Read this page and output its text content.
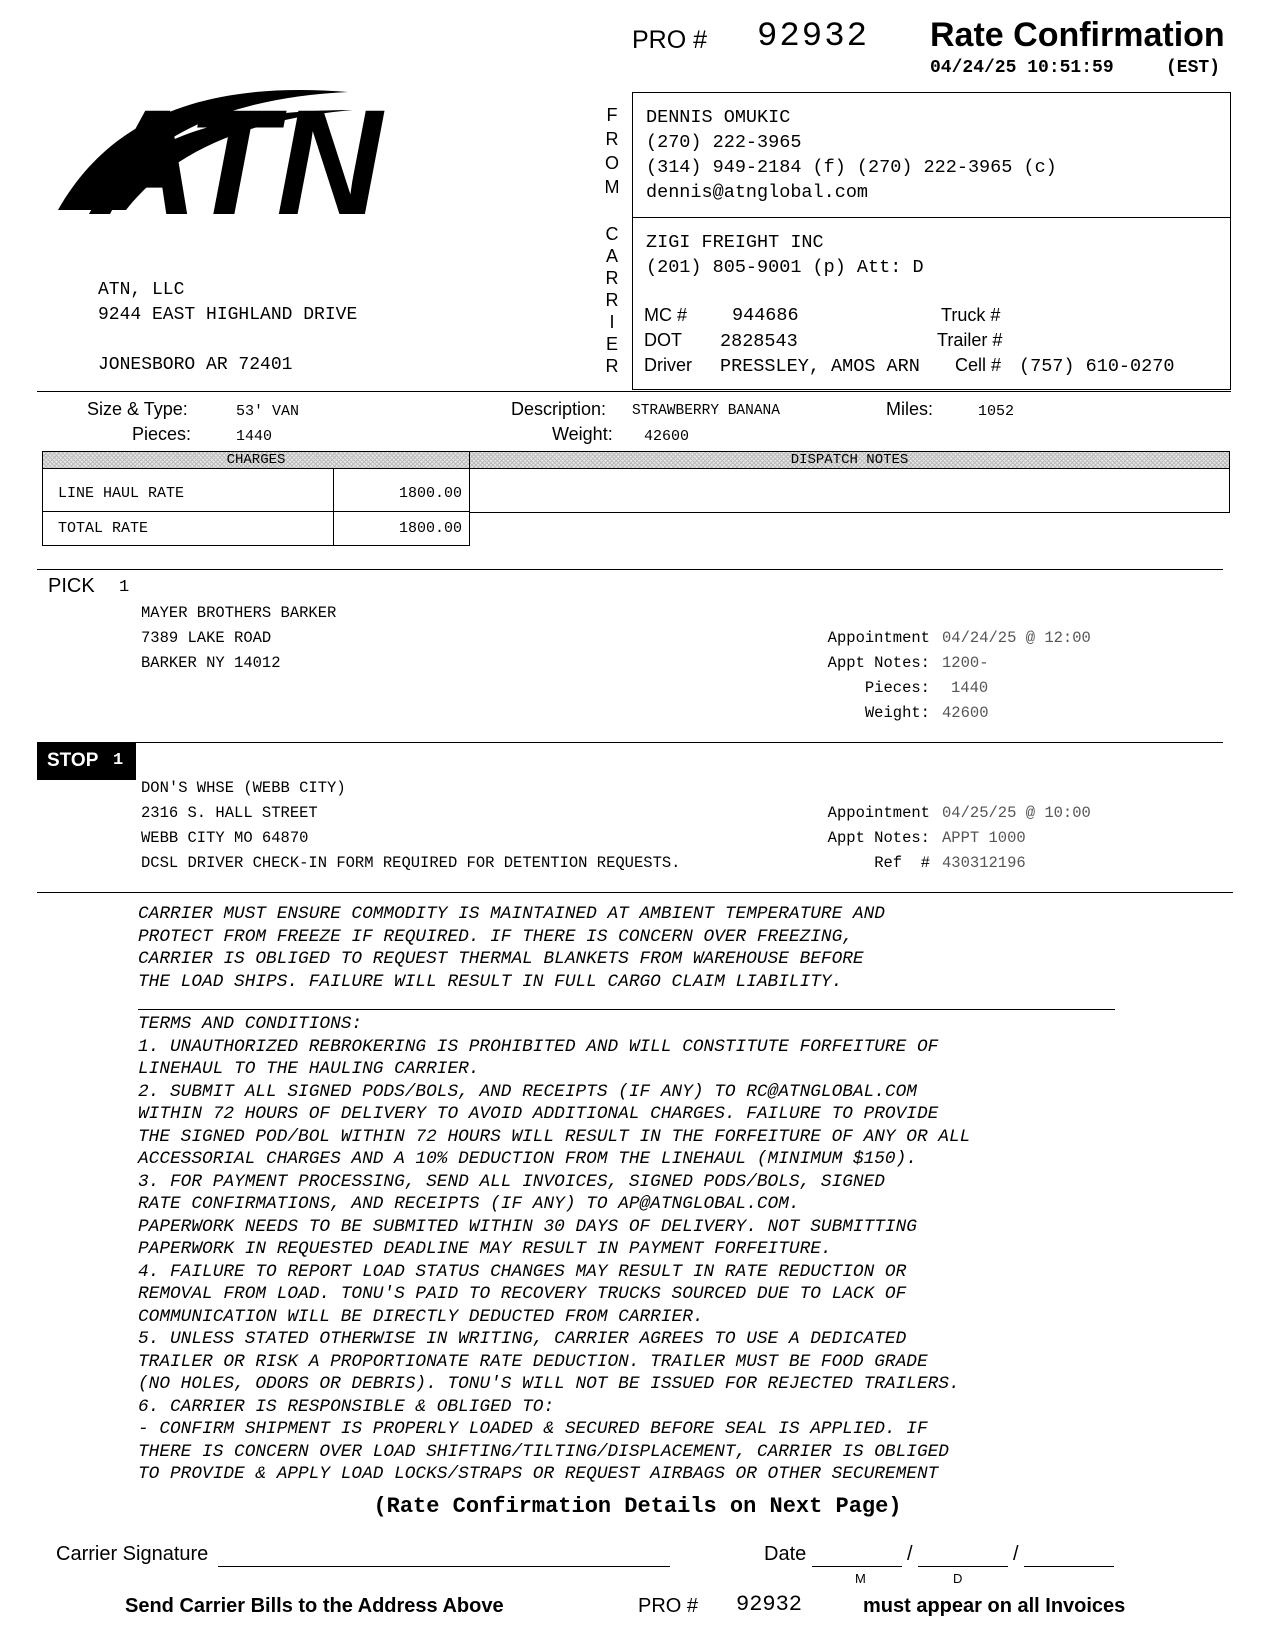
PRO # 92932 Rate Confirmation
04/24/25 10:51:59	(EST)
ATN
ATN, LLC
9244 EAST HIGHLAND DRIVE
JONESBORO AR 72401
F
R
O
M
C
A
R
R
I
E
R
DENNIS OMUKIC
(270) 222-3965
(314) 949-2184 (f) (270) 222-3965 (c)
dennis@atnglobal.com
ZIGI FREIGHT INC
(201) 805-9001 (p) Att: D
MC # 944686	Truck #
DOT 2828543	Trailer #
Driver PRESSLEY, AMOS ARN Cell # (757) 610-0270
Size & Type:	53' VAN
Pieces:	1440
Description: STRAWBERRY BANANA
Weight: 42600
Miles:	1052
CHARGES	DISPATCH NOTES
LINE HAUL RATE	1800.00
TOTAL RATE	1800.00
PICK 1
MAYER BROTHERS BARKER
7389 LAKE ROAD
BARKER NY 14012
Appointment 04/24/25 @ 12:00
Appt Notes: 1200-
Pieces: 1440
Weight: 42600
STOP 1
DON'S WHSE (WEBB CITY)
2316 S. HALL STREET
WEBB CITY MO 64870
DCSL DRIVER CHECK-IN FORM REQUIRED FOR DETENTION REQUESTS.
Appointment 04/25/25 @ 10:00
Appt Notes: APPT 1000
Ref  # 430312196
CARRIER MUST ENSURE COMMODITY IS MAINTAINED AT AMBIENT TEMPERATURE AND
PROTECT FROM FREEZE IF REQUIRED. IF THERE IS CONCERN OVER FREEZING,
CARRIER IS OBLIGED TO REQUEST THERMAL BLANKETS FROM WAREHOUSE BEFORE
THE LOAD SHIPS. FAILURE WILL RESULT IN FULL CARGO CLAIM LIABILITY.
TERMS AND CONDITIONS:
1. UNAUTHORIZED REBROKERING IS PROHIBITED AND WILL CONSTITUTE FORFEITURE OF
LINEHAUL TO THE HAULING CARRIER.
2. SUBMIT ALL SIGNED PODS/BOLS, AND RECEIPTS (IF ANY) TO RC@ATNGLOBAL.COM
WITHIN 72 HOURS OF DELIVERY TO AVOID ADDITIONAL CHARGES. FAILURE TO PROVIDE
THE SIGNED POD/BOL WITHIN 72 HOURS WILL RESULT IN THE FORFEITURE OF ANY OR ALL
ACCESSORIAL CHARGES AND A 10% DEDUCTION FROM THE LINEHAUL (MINIMUM $150).
3. FOR PAYMENT PROCESSING, SEND ALL INVOICES, SIGNED PODS/BOLS, SIGNED
RATE CONFIRMATIONS, AND RECEIPTS (IF ANY) TO AP@ATNGLOBAL.COM.
PAPERWORK NEEDS TO BE SUBMITED WITHIN 30 DAYS OF DELIVERY. NOT SUBMITTING
PAPERWORK IN REQUESTED DEADLINE MAY RESULT IN PAYMENT FORFEITURE.
4. FAILURE TO REPORT LOAD STATUS CHANGES MAY RESULT IN RATE REDUCTION OR
REMOVAL FROM LOAD. TONU'S PAID TO RECOVERY TRUCKS SOURCED DUE TO LACK OF
COMMUNICATION WILL BE DIRECTLY DEDUCTED FROM CARRIER.
5. UNLESS STATED OTHERWISE IN WRITING, CARRIER AGREES TO USE A DEDICATED
TRAILER OR RISK A PROPORTIONATE RATE DEDUCTION. TRAILER MUST BE FOOD GRADE
(NO HOLES, ODORS OR DEBRIS). TONU'S WILL NOT BE ISSUED FOR REJECTED TRAILERS.
6. CARRIER IS RESPONSIBLE & OBLIGED TO:
- CONFIRM SHIPMENT IS PROPERLY LOADED & SECURED BEFORE SEAL IS APPLIED. IF
THERE IS CONCERN OVER LOAD SHIFTING/TILTING/DISPLACEMENT, CARRIER IS OBLIGED
TO PROVIDE & APPLY LOAD LOCKS/STRAPS OR REQUEST AIRBAGS OR OTHER SECUREMENT
(Rate Confirmation Details on Next Page)
Carrier Signature	Date	/	/
M	D
Send Carrier Bills to the Address Above	PRO # 92932	must appear on all Invoices
